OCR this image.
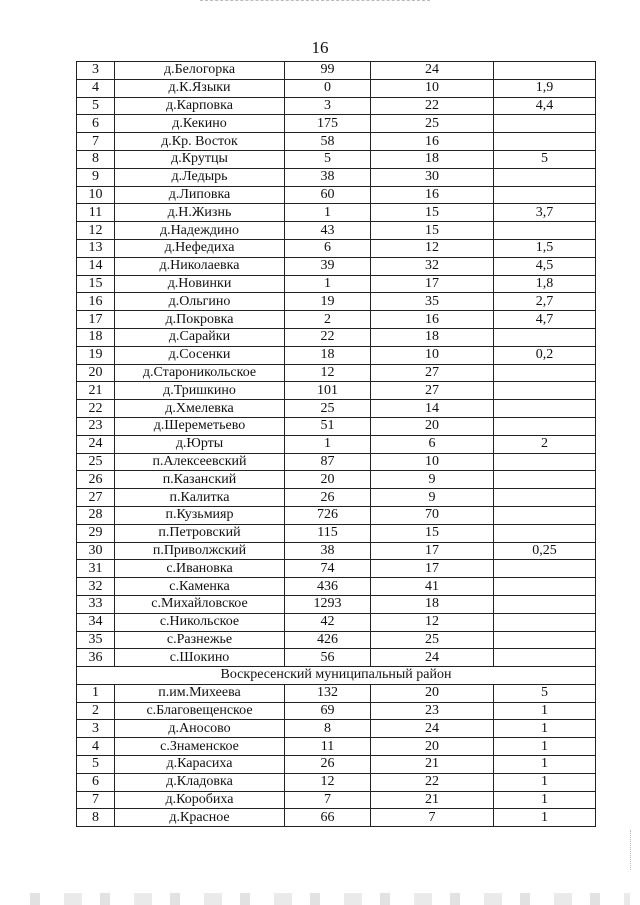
16
3	д.Белогорка	99	24	
4	д.К.Языки	0	10	1,9
5	д.Карповка	3	22	4,4
6	д.Кекино	175	25	
7	д.Кр. Восток	58	16	
8	д.Крутцы	5	18	5
9	д.Ледырь	38	30	
10	д.Липовка	60	16	
11	д.Н.Жизнь	1	15	3,7
12	д.Надеждино	43	15	
13	д.Нефедиха	6	12	1,5
14	д.Николаевка	39	32	4,5
15	д.Новинки	1	17	1,8
16	д.Ольгино	19	35	2,7
17	д.Покровка	2	16	4,7
18	д.Сарайки	22	18	
19	д.Сосенки	18	10	0,2
20	д.Староникольское	12	27	
21	д.Тришкино	101	27	
22	д.Хмелевка	25	14	
23	д.Шереметьево	51	20	
24	д.Юрты	1	6	2
25	п.Алексеевский	87	10	
26	п.Казанский	20	9	
27	п.Калитка	26	9	
28	п.Кузьмияр	726	70	
29	п.Петровский	115	15	
30	п.Приволжский	38	17	0,25
31	с.Ивановка	74	17	
32	с.Каменка	436	41	
33	с.Михайловское	1293	18	
34	с.Никольское	42	12	
35	с.Разнежье	426	25	
36	с.Шокино	56	24	
Воскресенский муниципальный район				
1	п.им.Михеева	132	20	5
2	с.Благовещенское	69	23	1
3	д.Аносово	8	24	1
4	с.Знаменское	11	20	1
5	д.Карасиха	26	21	1
6	д.Кладовка	12	22	1
7	д.Коробиха	7	21	1
8	д.Красное	66	7	1
